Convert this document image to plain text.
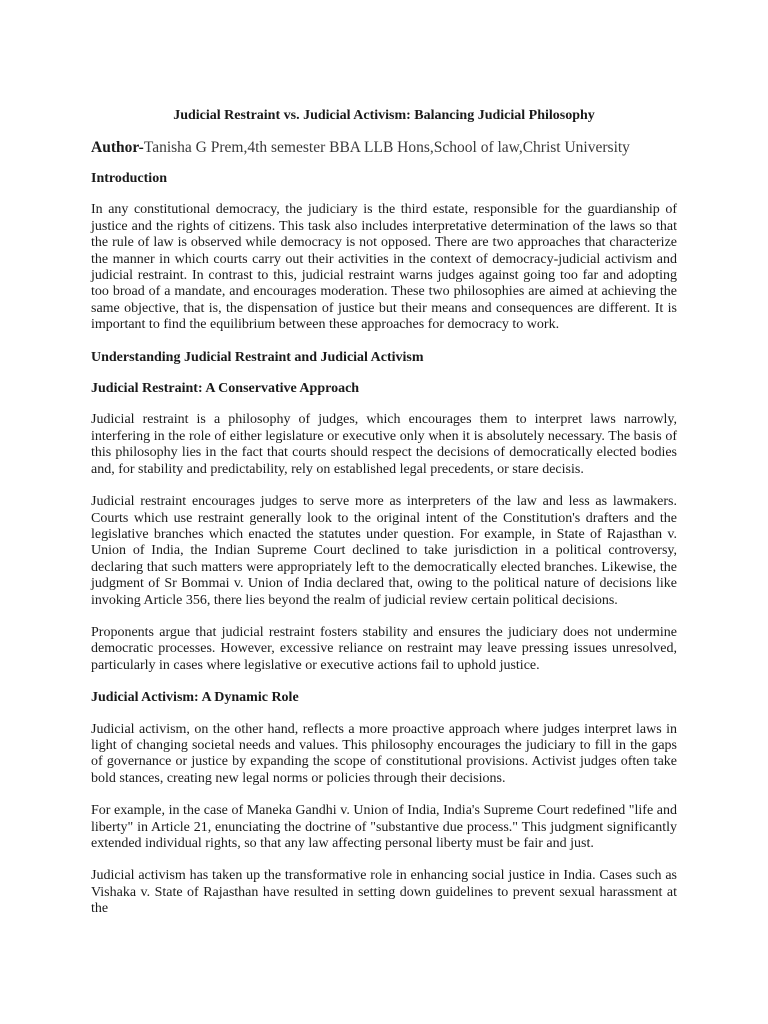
Judicial Restraint vs. Judicial Activism: Balancing Judicial Philosophy
Author-Tanisha G Prem,4th semester BBA LLB Hons,School of law,Christ University
Introduction

In any constitutional democracy, the judiciary is the third estate, responsible for the guardianship of justice and the rights of citizens. This task also includes interpretative determination of the laws so that the rule of law is observed while democracy is not opposed. There are two approaches that characterize the manner in which courts carry out their activities in the context of democracy-judicial activism and judicial restraint. In contrast to this, judicial restraint warns judges against going too far and adopting too broad of a mandate, and encourages moderation. These two philosophies are aimed at achieving the same objective, that is, the dispensation of justice but their means and consequences are different. It is important to find the equilibrium between these approaches for democracy to work.

Understanding Judicial Restraint and Judicial Activism
Judicial Restraint: A Conservative Approach

Judicial restraint is a philosophy of judges, which encourages them to interpret laws narrowly, interfering in the role of either legislature or executive only when it is absolutely necessary. The basis of this philosophy lies in the fact that courts should respect the decisions of democratically elected bodies and, for stability and predictability, rely on established legal precedents, or stare decisis.

Judicial restraint encourages judges to serve more as interpreters of the law and less as lawmakers. Courts which use restraint generally look to the original intent of the Constitution's drafters and the legislative branches which enacted the statutes under question. For example, in State of Rajasthan v. Union of India, the Indian Supreme Court declined to take jurisdiction in a political controversy, declaring that such matters were appropriately left to the democratically elected branches. Likewise, the judgment of Sr Bommai v. Union of India declared that, owing to the political nature of decisions like invoking Article 356, there lies beyond the realm of judicial review certain political decisions.

Proponents argue that judicial restraint fosters stability and ensures the judiciary does not undermine democratic processes. However, excessive reliance on restraint may leave pressing issues unresolved, particularly in cases where legislative or executive actions fail to uphold justice.

Judicial Activism: A Dynamic Role

Judicial activism, on the other hand, reflects a more proactive approach where judges interpret laws in light of changing societal needs and values. This philosophy encourages the judiciary to fill in the gaps of governance or justice by expanding the scope of constitutional provisions. Activist judges often take bold stances, creating new legal norms or policies through their decisions.

For example, in the case of Maneka Gandhi v. Union of India, India's Supreme Court redefined "life and liberty" in Article 21, enunciating the doctrine of "substantive due process." This judgment significantly extended individual rights, so that any law affecting personal liberty must be fair and just.

Judicial activism has taken up the transformative role in enhancing social justice in India. Cases such as Vishaka v. State of Rajasthan have resulted in setting down guidelines to prevent sexual harassment at the
